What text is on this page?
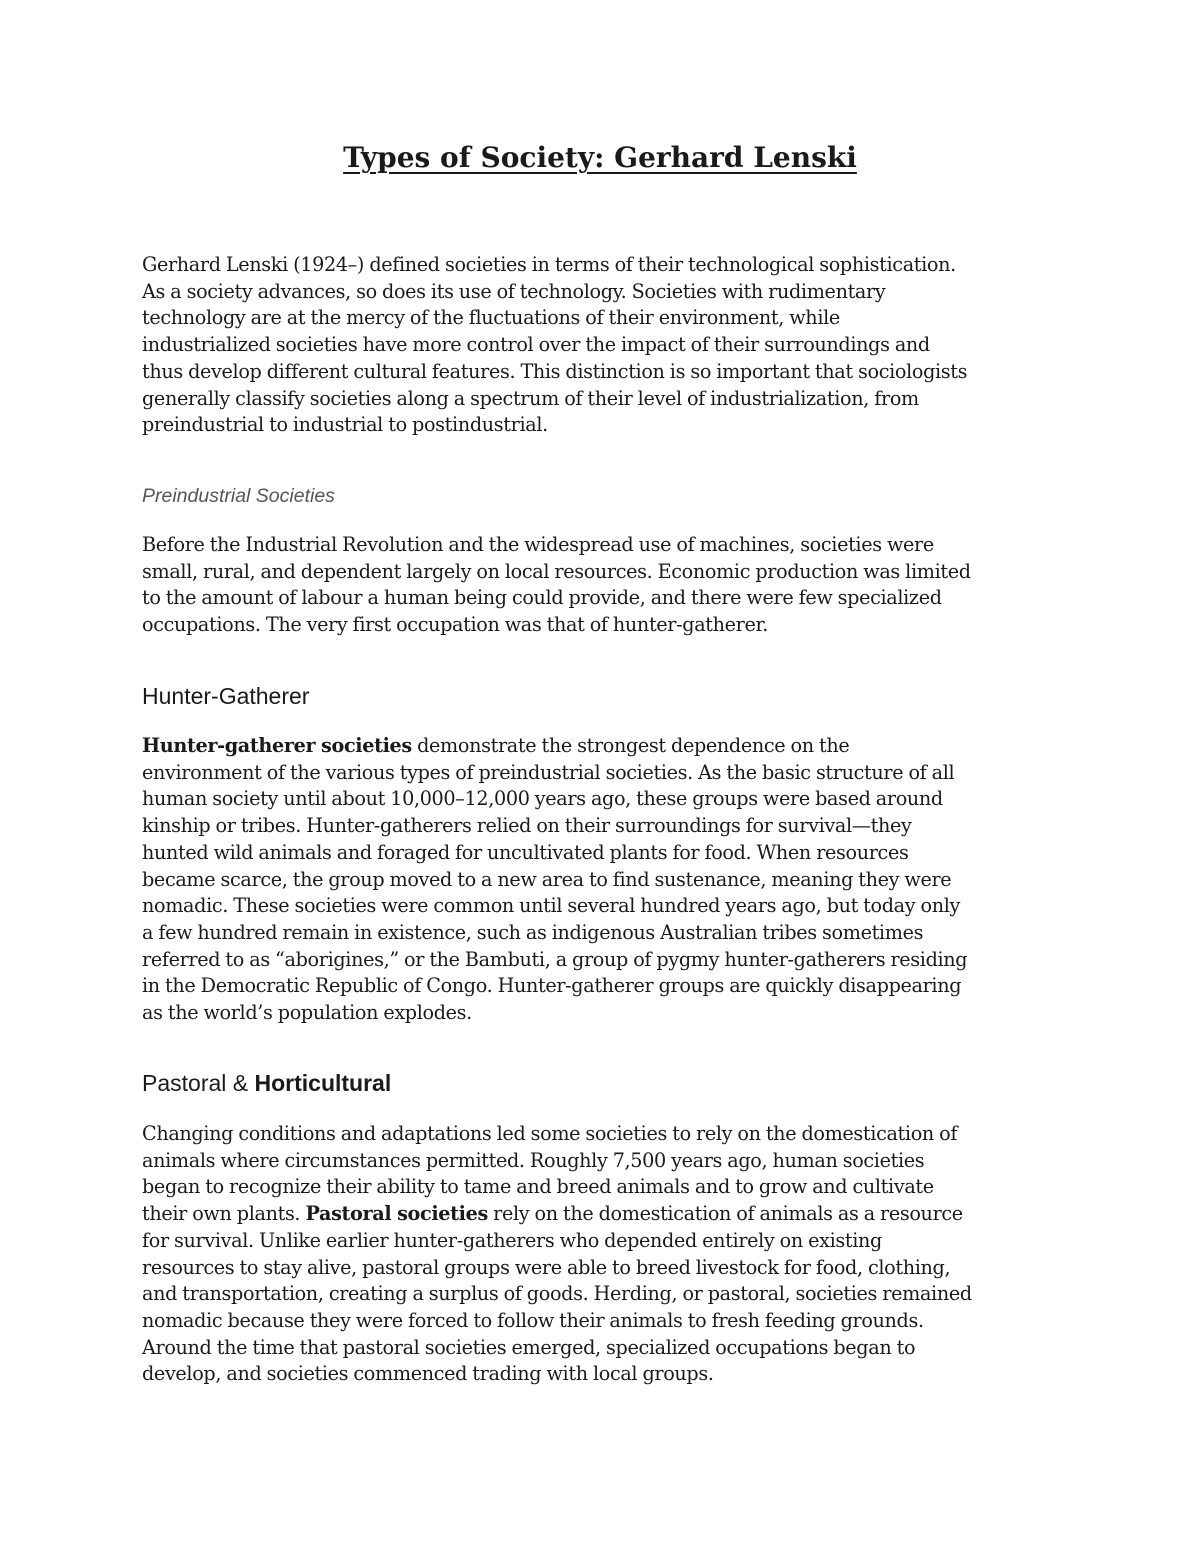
Types of Society: Gerhard Lenski

Gerhard Lenski (1924–) defined societies in terms of their technological sophistication.
As a society advances, so does its use of technology. Societies with rudimentary
technology are at the mercy of the fluctuations of their environment, while
industrialized societies have more control over the impact of their surroundings and
thus develop different cultural features. This distinction is so important that sociologists
generally classify societies along a spectrum of their level of industrialization, from
preindustrial to industrial to postindustrial.

Preindustrial Societies

Before the Industrial Revolution and the widespread use of machines, societies were
small, rural, and dependent largely on local resources. Economic production was limited
to the amount of labour a human being could provide, and there were few specialized
occupations. The very first occupation was that of hunter-gatherer.

Hunter-Gatherer

Hunter-gatherer societies demonstrate the strongest dependence on the
environment of the various types of preindustrial societies. As the basic structure of all
human society until about 10,000–12,000 years ago, these groups were based around
kinship or tribes. Hunter-gatherers relied on their surroundings for survival—they
hunted wild animals and foraged for uncultivated plants for food. When resources
became scarce, the group moved to a new area to find sustenance, meaning they were
nomadic. These societies were common until several hundred years ago, but today only
a few hundred remain in existence, such as indigenous Australian tribes sometimes
referred to as “aborigines,” or the Bambuti, a group of pygmy hunter-gatherers residing
in the Democratic Republic of Congo. Hunter-gatherer groups are quickly disappearing
as the world’s population explodes.

Pastoral & Horticultural

Changing conditions and adaptations led some societies to rely on the domestication of
animals where circumstances permitted. Roughly 7,500 years ago, human societies
began to recognize their ability to tame and breed animals and to grow and cultivate
their own plants. Pastoral societies rely on the domestication of animals as a resource
for survival. Unlike earlier hunter-gatherers who depended entirely on existing
resources to stay alive, pastoral groups were able to breed livestock for food, clothing,
and transportation, creating a surplus of goods. Herding, or pastoral, societies remained
nomadic because they were forced to follow their animals to fresh feeding grounds.
Around the time that pastoral societies emerged, specialized occupations began to
develop, and societies commenced trading with local groups.
